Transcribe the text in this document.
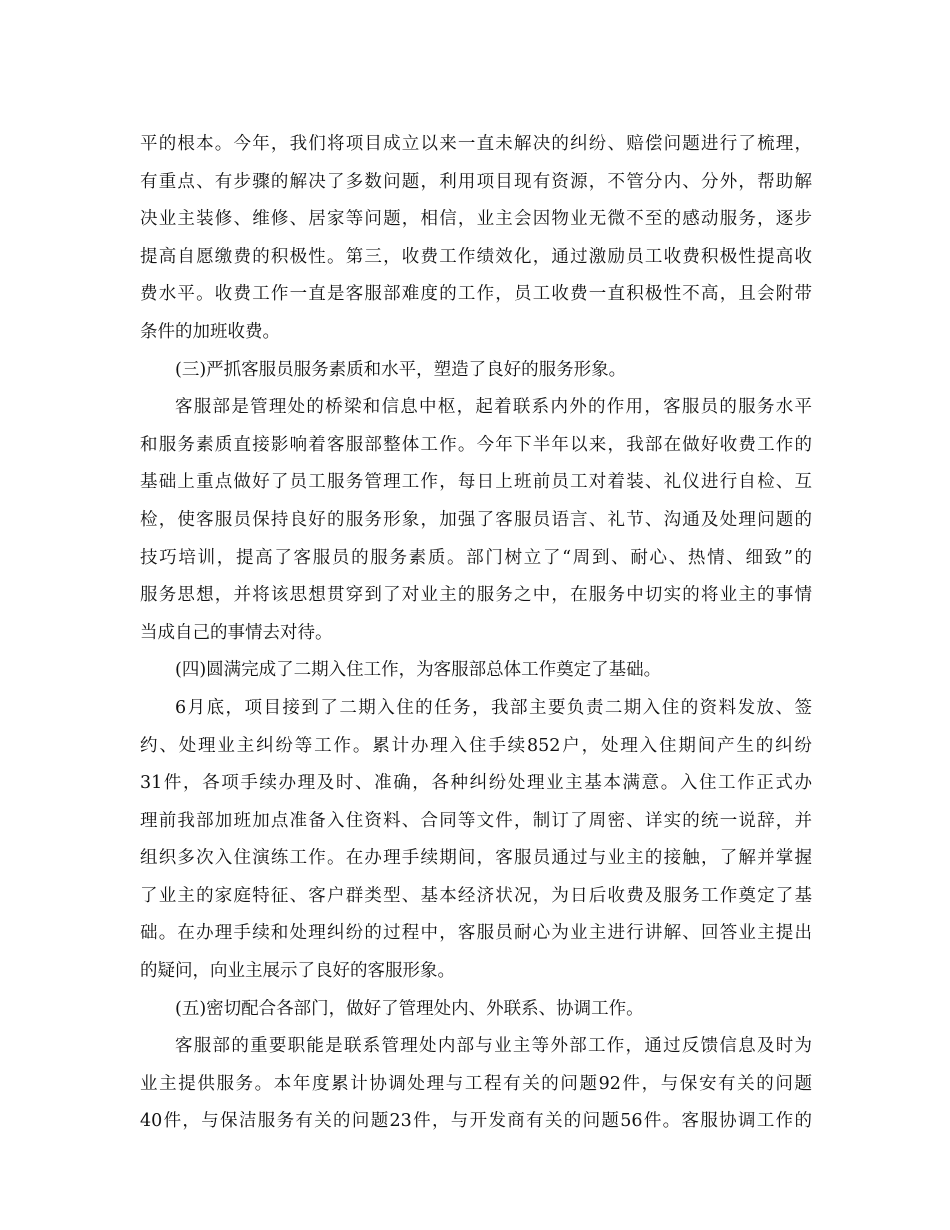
平的根本。今年，我们将项目成立以来一直未解决的纠纷、赔偿问题进行了梳理，
有重点、有步骤的解决了多数问题，利用项目现有资源，不管分内、分外，帮助解
决业主装修、维修、居家等问题，相信，业主会因物业无微不至的感动服务，逐步
提高自愿缴费的积极性。第三，收费工作绩效化，通过激励员工收费积极性提高收
费水平。收费工作一直是客服部难度的工作，员工收费一直积极性不高，且会附带
条件的加班收费。
(三)严抓客服员服务素质和水平，塑造了良好的服务形象。
客服部是管理处的桥梁和信息中枢，起着联系内外的作用，客服员的服务水平
和服务素质直接影响着客服部整体工作。今年下半年以来，我部在做好收费工作的
基础上重点做好了员工服务管理工作，每日上班前员工对着装、礼仪进行自检、互
检，使客服员保持良好的服务形象，加强了客服员语言、礼节、沟通及处理问题的
技巧培训，提高了客服员的服务素质。部门树立了“周到、耐心、热情、细致”的
服务思想，并将该思想贯穿到了对业主的服务之中，在服务中切实的将业主的事情
当成自己的事情去对待。
(四)圆满完成了二期入住工作，为客服部总体工作奠定了基础。
6月底，项目接到了二期入住的任务，我部主要负责二期入住的资料发放、签
约、处理业主纠纷等工作。累计办理入住手续852户，处理入住期间产生的纠纷
31件，各项手续办理及时、准确，各种纠纷处理业主基本满意。入住工作正式办
理前我部加班加点准备入住资料、合同等文件，制订了周密、详实的统一说辞，并
组织多次入住演练工作。在办理手续期间，客服员通过与业主的接触，了解并掌握
了业主的家庭特征、客户群类型、基本经济状况，为日后收费及服务工作奠定了基
础。在办理手续和处理纠纷的过程中，客服员耐心为业主进行讲解、回答业主提出
的疑问，向业主展示了良好的客服形象。
(五)密切配合各部门，做好了管理处内、外联系、协调工作。
客服部的重要职能是联系管理处内部与业主等外部工作，通过反馈信息及时为
业主提供服务。本年度累计协调处理与工程有关的问题92件，与保安有关的问题
40件，与保洁服务有关的问题23件，与开发商有关的问题56件。客服协调工作的
